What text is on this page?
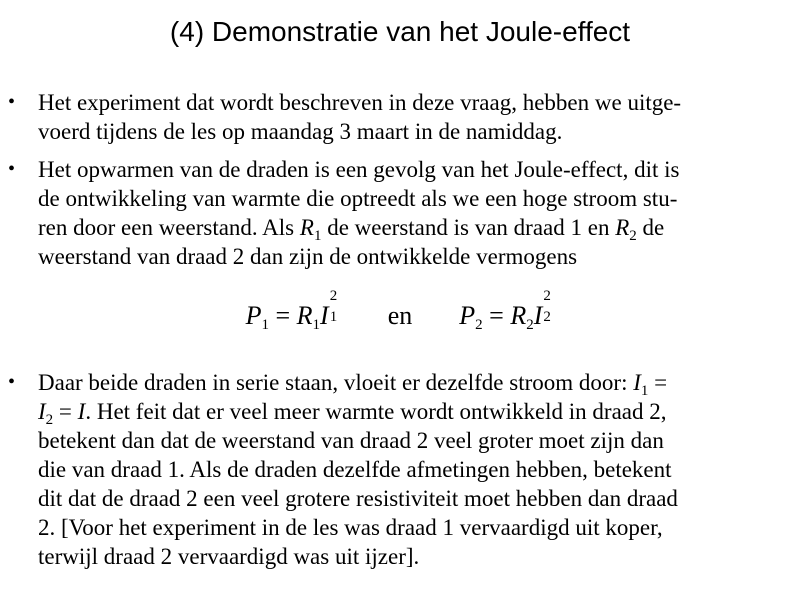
(4) Demonstratie van het Joule-effect
• Het experiment dat wordt beschreven in deze vraag, hebben we uitge-
voerd tijdens de les op maandag 3 maart in de namiddag.

• Het opwarmen van de draden is een gevolg van het Joule-effect, dit is
de ontwikkeling van warmte die optreedt als we een hoge stroom stu-
ren door een weerstand. Als $R_1$ de weerstand is van draad 1 en $R_2$ de
weerstand van draad 2 dan zijn de ontwikkelde vermogens

$P_1 = R_1I$
2
1 en $P_2 = R_2I$
2
2
• Daar beide draden in serie staan, vloeit er dezelfde stroom door: $I_1$ =
$I_2 = I$. Het feit dat er veel meer warmte wordt ontwikkeld in draad 2,
betekent dan dat de weerstand van draad 2 veel groter moet zijn dan
die van draad 1. Als de draden dezelfde afmetingen hebben, betekent
dit dat de draad 2 een veel grotere resistiviteit moet hebben dan draad
2. [Voor het experiment in de les was draad 1 vervaardigd uit koper,
terwijl draad 2 vervaardigd was uit ijzer].
